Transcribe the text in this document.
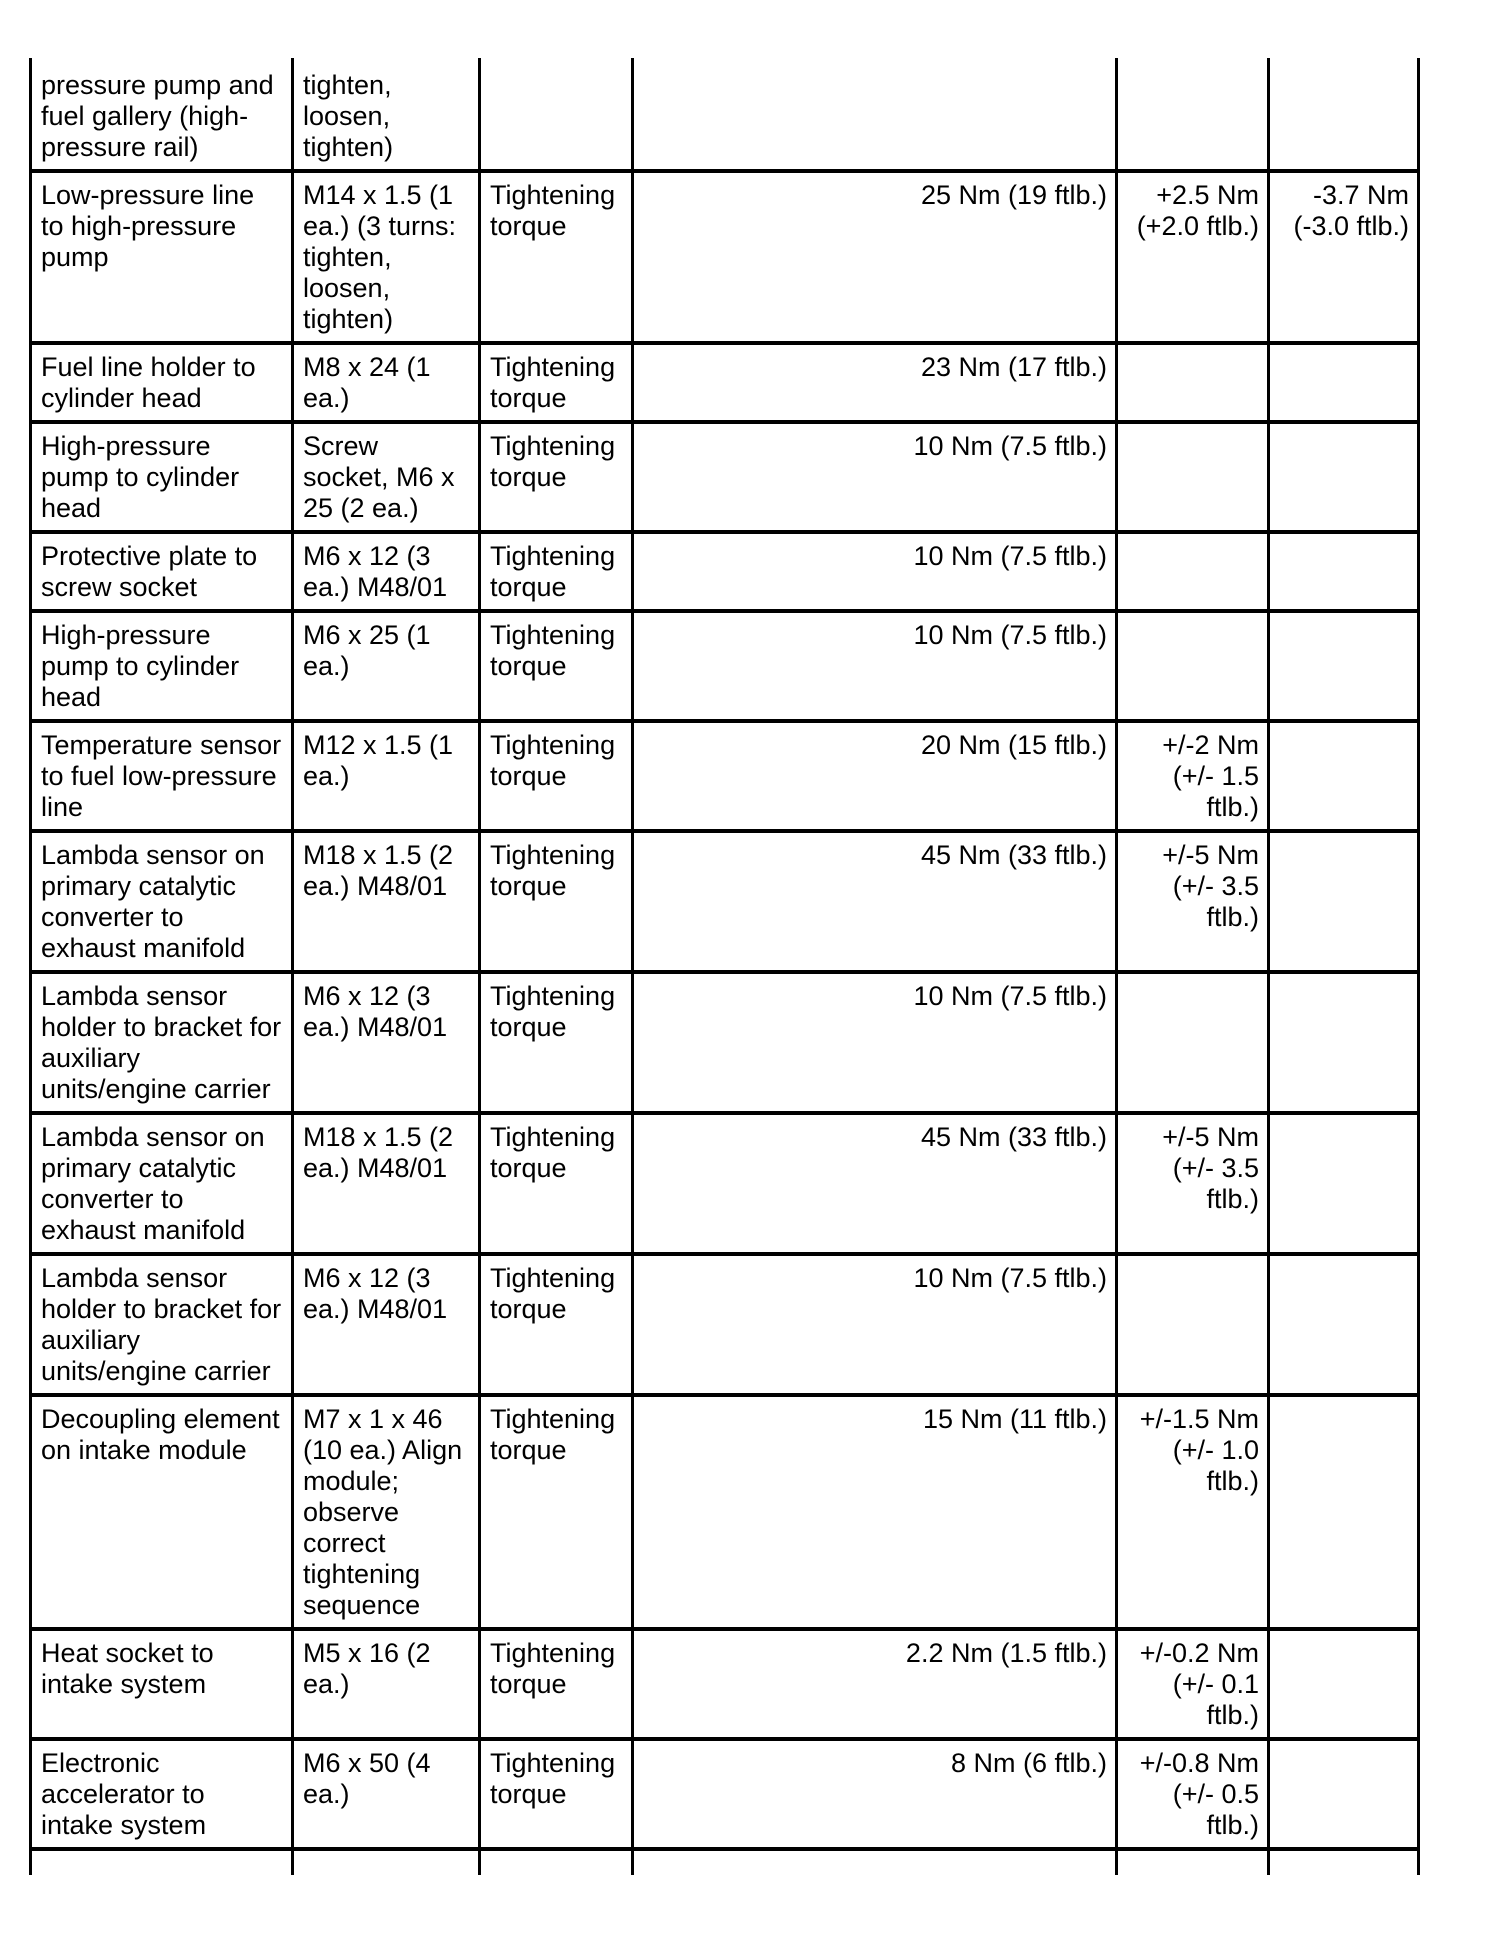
pressure pump and fuel gallery (high-pressure rail)	tighten, loosen, tighten)				
Low-pressure line to high-pressure pump	M14 x 1.5 (1 ea.) (3 turns: tighten, loosen, tighten)	Tightening torque	25 Nm (19 ftlb.)	+2.5 Nm (+2.0 ftlb.)	-3.7 Nm (-3.0 ftlb.)
Fuel line holder to cylinder head	M8 x 24 (1 ea.)	Tightening torque	23 Nm (17 ftlb.)		
High-pressure pump to cylinder head	Screw socket, M6 x 25 (2 ea.)	Tightening torque	10 Nm (7.5 ftlb.)		
Protective plate to screw socket	M6 x 12 (3 ea.) M48/01	Tightening torque	10 Nm (7.5 ftlb.)		
High-pressure pump to cylinder head	M6 x 25 (1 ea.)	Tightening torque	10 Nm (7.5 ftlb.)		
Temperature sensor to fuel low-pressure line	M12 x 1.5 (1 ea.)	Tightening torque	20 Nm (15 ftlb.)	+/-2 Nm (+/- 1.5 ftlb.)	
Lambda sensor on primary catalytic converter to exhaust manifold	M18 x 1.5 (2 ea.) M48/01	Tightening torque	45 Nm (33 ftlb.)	+/-5 Nm (+/- 3.5 ftlb.)	
Lambda sensor holder to bracket for auxiliary units/engine carrier	M6 x 12 (3 ea.) M48/01	Tightening torque	10 Nm (7.5 ftlb.)		
Lambda sensor on primary catalytic converter to exhaust manifold	M18 x 1.5 (2 ea.) M48/01	Tightening torque	45 Nm (33 ftlb.)	+/-5 Nm (+/- 3.5 ftlb.)	
Lambda sensor holder to bracket for auxiliary units/engine carrier	M6 x 12 (3 ea.) M48/01	Tightening torque	10 Nm (7.5 ftlb.)		
Decoupling element on intake module	M7 x 1 x 46 (10 ea.) Align module; observe correct tightening sequence	Tightening torque	15 Nm (11 ftlb.)	+/-1.5 Nm (+/- 1.0 ftlb.)	
Heat socket to intake system	M5 x 16 (2 ea.)	Tightening torque	2.2 Nm (1.5 ftlb.)	+/-0.2 Nm (+/- 0.1 ftlb.)	
Electronic accelerator to intake system	M6 x 50 (4 ea.)	Tightening torque	8 Nm (6 ftlb.)	+/-0.8 Nm (+/- 0.5 ftlb.)	
